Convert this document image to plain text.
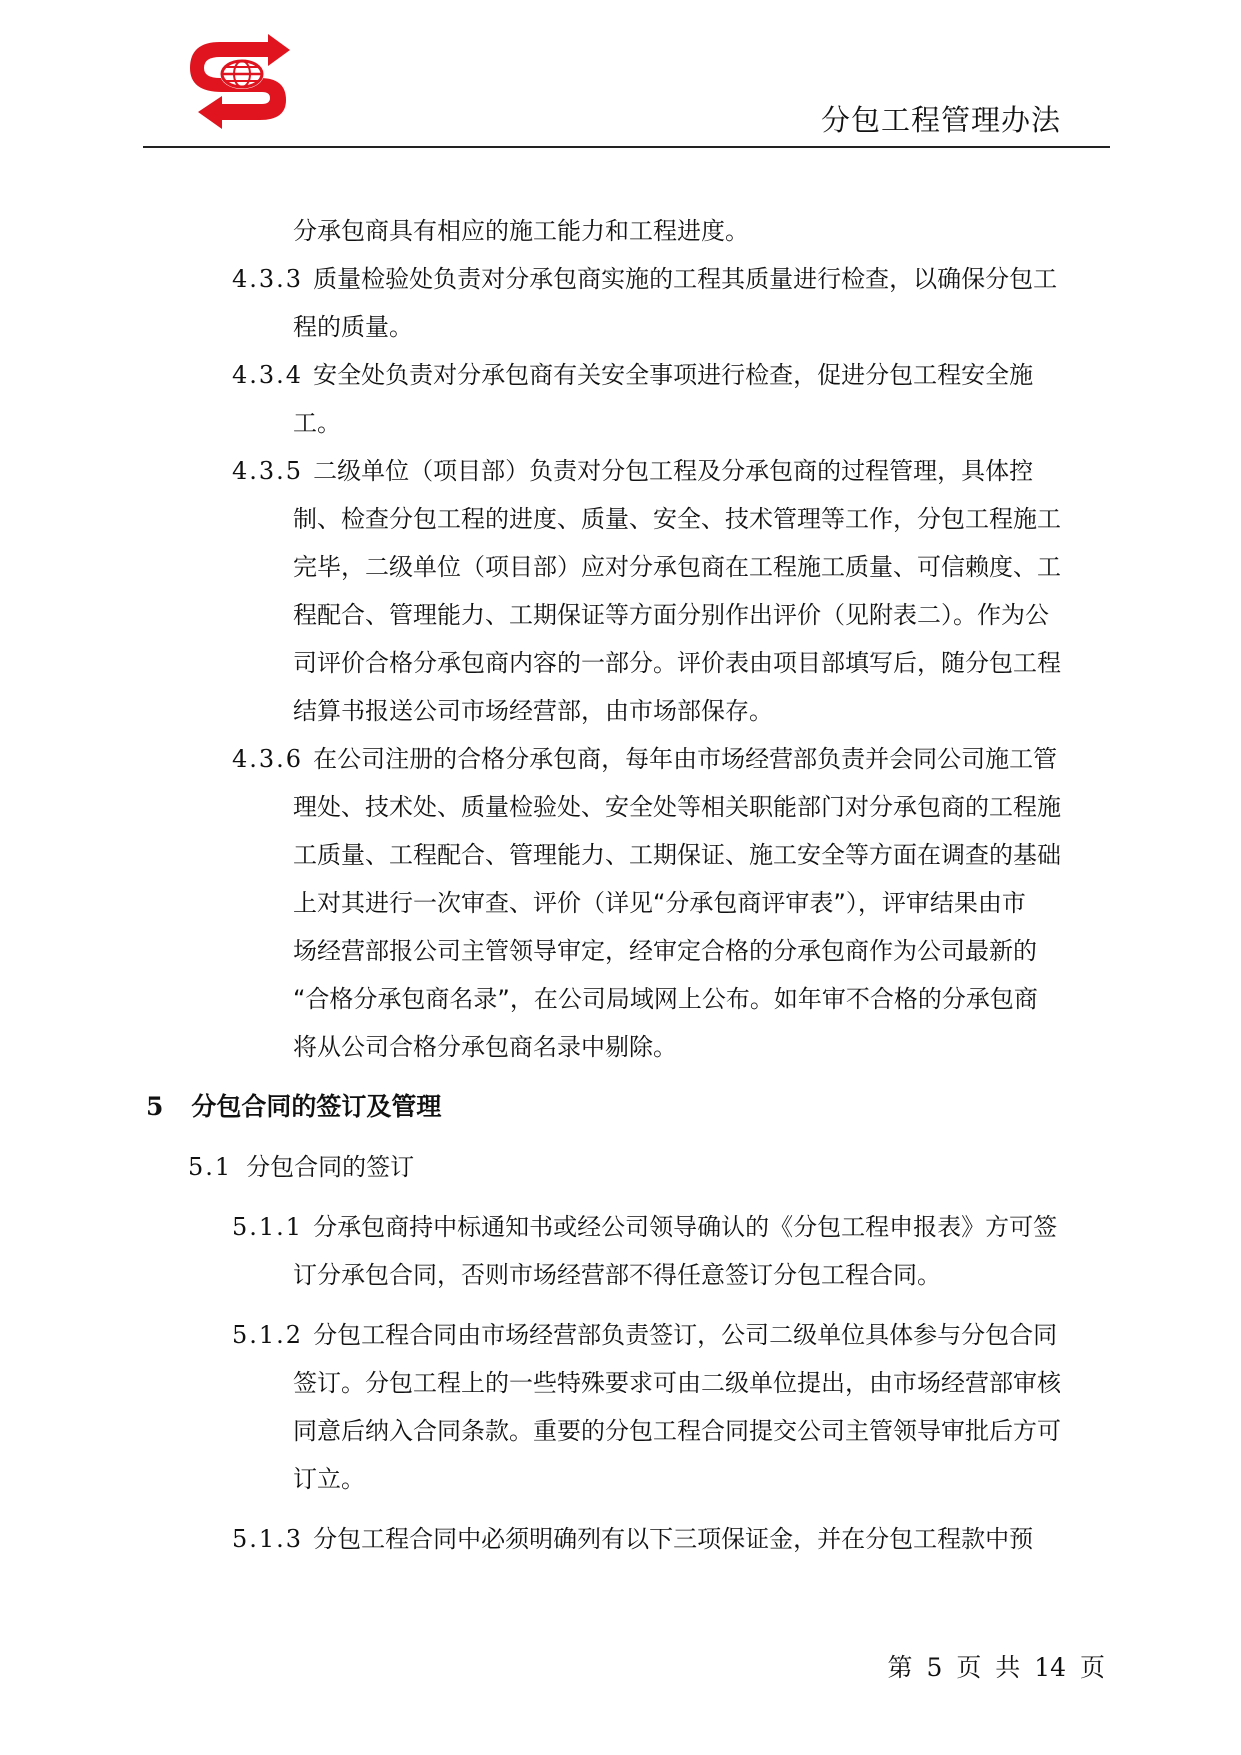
分包工程管理办法
分承包商具有相应的施工能力和工程进度。
4.3.3 质量检验处负责对分承包商实施的工程其质量进行检查，以确保分包工
程的质量。
4.3.4 安全处负责对分承包商有关安全事项进行检查，促进分包工程安全施
工。
4.3.5 二级单位（项目部）负责对分包工程及分承包商的过程管理，具体控
制、检查分包工程的进度、质量、安全、技术管理等工作，分包工程施工
完毕，二级单位（项目部）应对分承包商在工程施工质量、可信赖度、工
程配合、管理能力、工期保证等方面分别作出评价（见附表二）。作为公
司评价合格分承包商内容的一部分。评价表由项目部填写后，随分包工程
结算书报送公司市场经营部，由市场部保存。
4.3.6 在公司注册的合格分承包商，每年由市场经营部负责并会同公司施工管
理处、技术处、质量检验处、安全处等相关职能部门对分承包商的工程施
工质量、工程配合、管理能力、工期保证、施工安全等方面在调查的基础
上对其进行一次审查、评价（详见“分承包商评审表”），评审结果由市
场经营部报公司主管领导审定，经审定合格的分承包商作为公司最新的
“合格分承包商名录”，在公司局域网上公布。如年审不合格的分承包商
将从公司合格分承包商名录中剔除。
5 分包合同的签订及管理
5.1 分包合同的签订
5.1.1 分承包商持中标通知书或经公司领导确认的《分包工程申报表》方可签
订分承包合同，否则市场经营部不得任意签订分包工程合同。
5.1.2 分包工程合同由市场经营部负责签订，公司二级单位具体参与分包合同
签订。分包工程上的一些特殊要求可由二级单位提出，由市场经营部审核
同意后纳入合同条款。重要的分包工程合同提交公司主管领导审批后方可
订立。
5.1.3 分包工程合同中必须明确列有以下三项保证金，并在分包工程款中预
第 5 页 共 14 页
